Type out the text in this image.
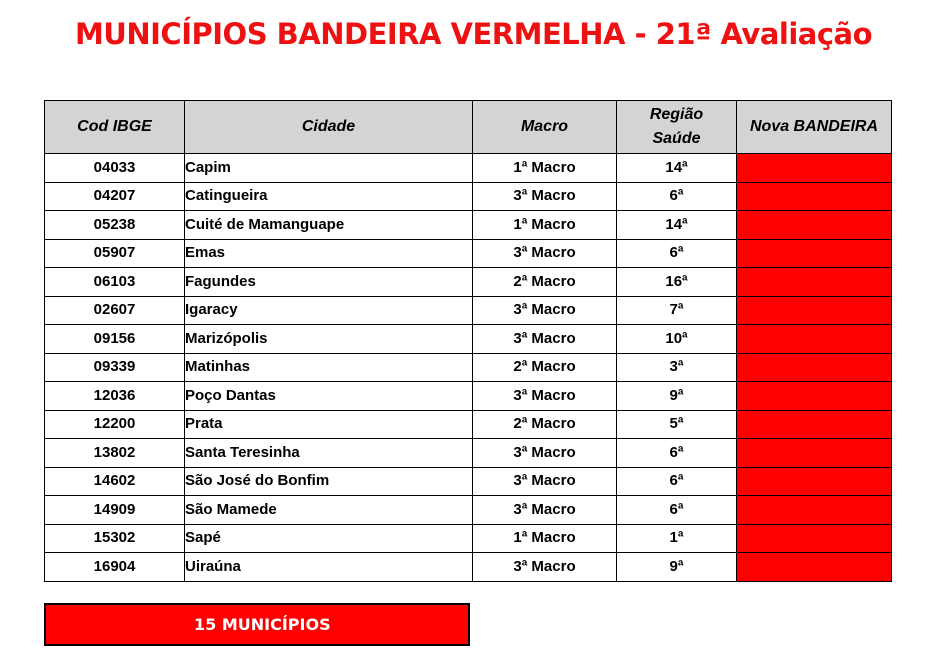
MUNICÍPIOS BANDEIRA VERMELHA - 21ª Avaliação
Cod IBGE	Cidade	Macro	Região Saúde	Nova BANDEIRA
04033	Capim	1ª Macro	14ª	
04207	Catingueira	3ª Macro	6ª	
05238	Cuité de Mamanguape	1ª Macro	14ª	
05907	Emas	3ª Macro	6ª	
06103	Fagundes	2ª Macro	16ª	
02607	Igaracy	3ª Macro	7ª	
09156	Marizópolis	3ª Macro	10ª	
09339	Matinhas	2ª Macro	3ª	
12036	Poço Dantas	3ª Macro	9ª	
12200	Prata	2ª Macro	5ª	
13802	Santa Teresinha	3ª Macro	6ª	
14602	São José do Bonfim	3ª Macro	6ª	
14909	São Mamede	3ª Macro	6ª	
15302	Sapé	1ª Macro	1ª	
16904	Uiraúna	3ª Macro	9ª	
15 MUNICÍPIOS
